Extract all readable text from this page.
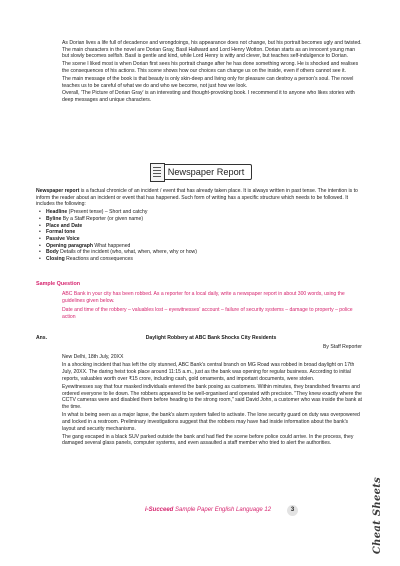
As Dorian lives a life full of decadence and wrongdoings, his appearance does not change, but his portrait becomes ugly and twisted. The main characters in the novel are Dorian Gray, Basil Hallward and Lord Henry Wotton. Dorian starts as an innocent young man but slowly becomes selfish. Basil is gentle and kind, while Lord Henry is witty and clever, but teaches self-indulgence to Dorian.

The scene I liked most is when Dorian first sees his portrait change after he has done something wrong. He is shocked and realises the consequences of his actions. This scene shows how our choices can change us on the inside, even if others cannot see it.

The main message of the book is that beauty is only skin-deep and living only for pleasure can destroy a person's soul. The novel teaches us to be careful of what we do and who we become, not just how we look.

Overall, 'The Picture of Dorian Gray' is an interesting and thought-provoking book. I recommend it to anyone who likes stories with deep messages and unique characters.

Newspaper Report

Newspaper report is a factual chronicle of an incident / event that has already taken place. It is always written in past tense. The intention is to inform the reader about an incident or event that has happened. Such form of writing has a specific structure which needs to be followed. It includes the following:

• Headline (Present tense) – Short and catchy
• Byline By a Staff Reporter (or given name)
• Place and Date
• Formal tone
• Passive Voice
• Opening paragraph What happened
• Body Details of the incident (who, what, when, where, why or how)
• Closing Reactions and consequences
Sample Question

ABC Bank in your city has been robbed. As a reporter for a local daily, write a newspaper report in about 300 words, using the guidelines given below.

Date and time of the robbery – valuables lost – eyewitnesses' account – failure of security systems – damage to property – police action

Ans.	Daylight Robbery at ABC Bank Shocks City Residents
By Staff Reporter

New Delhi, 18th July, 20XX

In a shocking incident that has left the city stunned, ABC Bank's central branch on MG Road was robbed in broad daylight on 17th July, 20XX. The daring heist took place around 11:15 a.m., just as the bank was opening for regular business. According to initial reports, valuables worth over ₹15 crore, including cash, gold ornaments, and important documents, were stolen.

Eyewitnesses say that four masked individuals entered the bank posing as customers. Within minutes, they brandished firearms and ordered everyone to lie down. The robbers appeared to be well-organised and operated with precision. "They knew exactly where the CCTV cameras were and disabled them before heading to the strong room," said David John, a customer who was inside the bank at the time.

In what is being seen as a major lapse, the bank's alarm system failed to activate. The lone security guard on duty was overpowered and locked in a restroom. Preliminary investigations suggest that the robbers may have had inside information about the bank's layout and security mechanisms.

The gang escaped in a black SUV parked outside the bank and had fled the scene before police could arrive. In the process, they damaged several glass panels, computer systems, and even assaulted a staff member who tried to alert the authorities.

Cheat Sheets
i-Succeed Sample Paper English Language 12	3
